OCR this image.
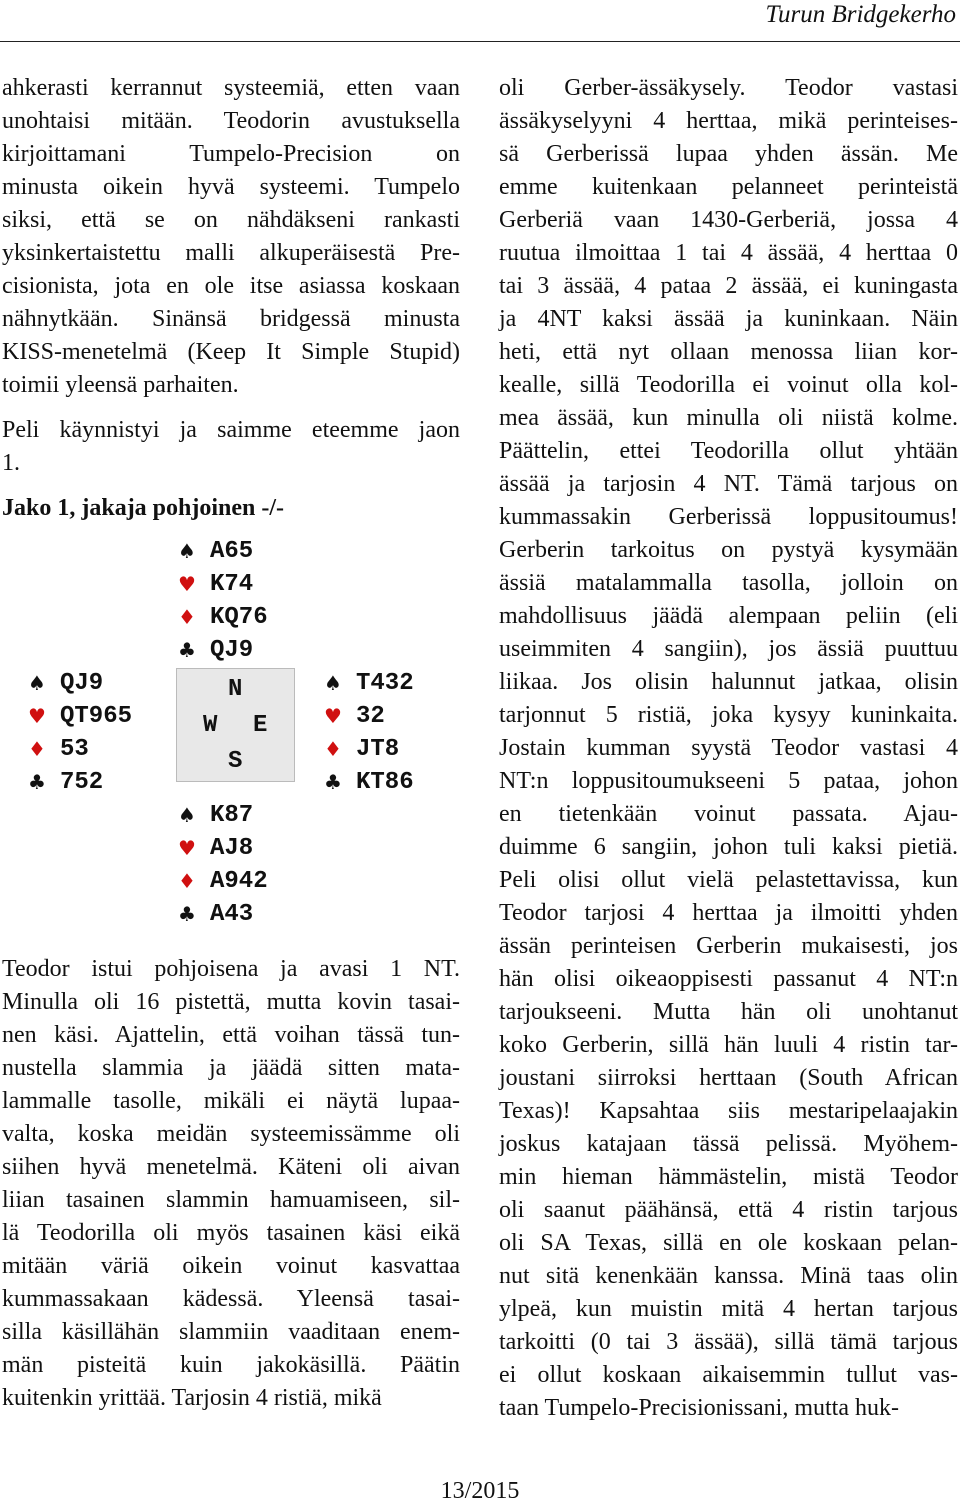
Turun Bridgekerho
ahkerasti kerrannut systeemiä, etten vaan
unohtaisi mitään. Teodorin avustuksella
kirjoittamani Tumpelo-Precision on
minusta oikein hyvä systeemi. Tumpelo
siksi, että se on nähdäkseni rankasti
yksinkertaistettu malli alkuperäisestä Pre-
cisionista, jota en ole itse asiassa koskaan
nähnytkään. Sinänsä bridgessä minusta
KISS-menetelmä (Keep It Simple Stupid)
toimii yleensä parhaiten.
Peli käynnistyi ja saimme eteemme jaon
1.
Jako 1, jakaja pohjoinen -/-
♠ A65
♥ K74
♦ KQ76
♣ QJ9
♠ QJ9
♥ QT965
♦ 53
♣ 752
♠ T432
♥ 32
♦ JT8
♣ KT86
♠ K87
♥ AJ8
♦ A942
♣ A43
N
W E
S
Teodor istui pohjoisena ja avasi 1 NT.
Minulla oli 16 pistettä, mutta kovin tasai-
nen käsi. Ajattelin, että voihan tässä tun-
nustella slammia ja jäädä sitten mata-
lammalle tasolle, mikäli ei näytä lupaa-
valta, koska meidän systeemissämme oli
siihen hyvä menetelmä. Käteni oli aivan
liian tasainen slammin hamuamiseen, sil-
lä Teodorilla oli myös tasainen käsi eikä
mitään väriä oikein voinut kasvattaa
kummassakaan kädessä. Yleensä tasai-
silla käsillähän slammiin vaaditaan enem-
män pisteitä kuin jakokäsillä. Päätin
kuitenkin yrittää. Tarjosin 4 ristiä, mikä
oli Gerber-ässäkysely. Teodor vastasi
ässäkyselyyni 4 herttaa, mikä perinteises-
sä Gerberissä lupaa yhden ässän. Me
emme kuitenkaan pelanneet perinteistä
Gerberiä vaan 1430-Gerberiä, jossa 4
ruutua ilmoittaa 1 tai 4 ässää, 4 herttaa 0
tai 3 ässää, 4 pataa 2 ässää, ei kuningasta
ja 4NT kaksi ässää ja kuninkaan. Näin
heti, että nyt ollaan menossa liian kor-
kealle, sillä Teodorilla ei voinut olla kol-
mea ässää, kun minulla oli niistä kolme.
Päättelin, ettei Teodorilla ollut yhtään
ässää ja tarjosin 4 NT. Tämä tarjous on
kummassakin Gerberissä loppusitoumus!
Gerberin tarkoitus on pystyä kysymään
ässiä matalammalla tasolla, jolloin on
mahdollisuus jäädä alempaan peliin (eli
useimmiten 4 sangiin), jos ässiä puuttuu
liikaa. Jos olisin halunnut jatkaa, olisin
tarjonnut 5 ristiä, joka kysyy kuninkaita.
Jostain kumman syystä Teodor vastasi 4
NT:n loppusitoumukseeni 5 pataa, johon
en tietenkään voinut passata. Ajau-
duimme 6 sangiin, johon tuli kaksi pietiä.
Peli olisi ollut vielä pelastettavissa, kun
Teodor tarjosi 4 herttaa ja ilmoitti yhden
ässän perinteisen Gerberin mukaisesti, jos
hän olisi oikeaoppisesti passanut 4 NT:n
tarjoukseeni. Mutta hän oli unohtanut
koko Gerberin, sillä hän luuli 4 ristin tar-
joustani siirroksi herttaan (South African
Texas)! Kapsahtaa siis mestaripelaajakin
joskus katajaan tässä pelissä. Myöhem-
min hieman hämmästelin, mistä Teodor
oli saanut päähänsä, että 4 ristin tarjous
oli SA Texas, sillä en ole koskaan pelan-
nut sitä kenenkään kanssa. Minä taas olin
ylpeä, kun muistin mitä 4 hertan tarjous
tarkoitti (0 tai 3 ässää), sillä tämä tarjous
ei ollut koskaan aikaisemmin tullut vas-
taan Tumpelo-Precisionissani, mutta huk-
13/2015
